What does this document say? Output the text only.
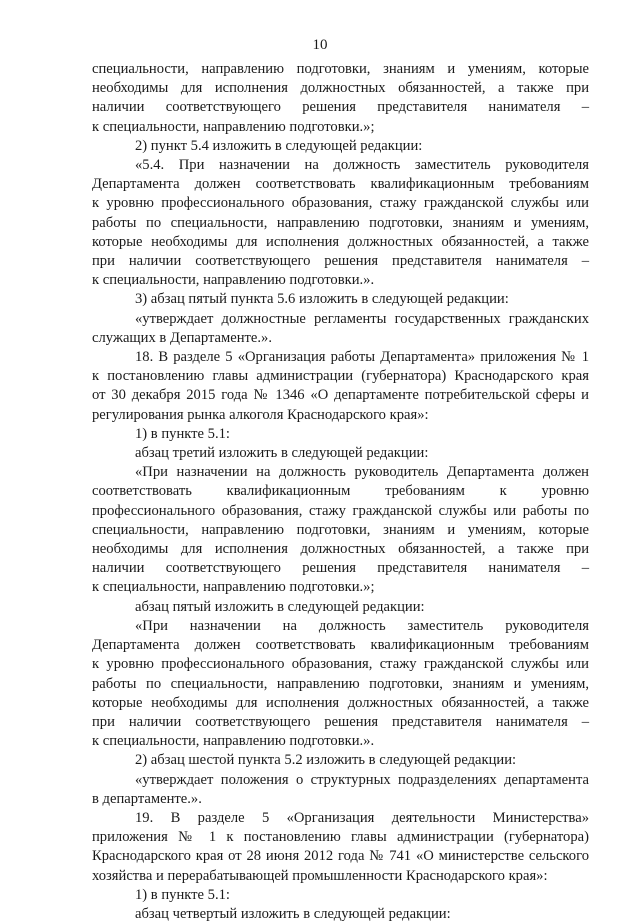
10
специальности, направлению подготовки, знаниям и умениям, которые
необходимы для исполнения должностных обязанностей, а также при
наличии соответствующего решения представителя нанимателя –
к специальности, направлению подготовки.»;
2) пункт 5.4 изложить в следующей редакции:
«5.4. При назначении на должность заместитель руководителя
Департамента должен соответствовать квалификационным требованиям
к уровню профессионального образования, стажу гражданской службы или
работы по специальности, направлению подготовки, знаниям и умениям,
которые необходимы для исполнения должностных обязанностей, а также
при наличии соответствующего решения представителя нанимателя –
к специальности, направлению подготовки.».
3) абзац пятый пункта 5.6 изложить в следующей редакции:
«утверждает должностные регламенты государственных гражданских
служащих в Департаменте.».
18. В разделе 5 «Организация работы Департамента» приложения № 1
к постановлению главы администрации (губернатора) Краснодарского края
от 30 декабря 2015 года № 1346 «О департаменте потребительской сферы и
регулирования рынка алкоголя Краснодарского края»:
1) в пункте 5.1:
абзац третий изложить в следующей редакции:
«При назначении на должность руководитель Департамента должен
соответствовать квалификационным требованиям к уровню
профессионального образования, стажу гражданской службы или работы по
специальности, направлению подготовки, знаниям и умениям, которые
необходимы для исполнения должностных обязанностей, а также при
наличии соответствующего решения представителя нанимателя –
к специальности, направлению подготовки.»;
абзац пятый изложить в следующей редакции:
«При назначении на должность заместитель руководителя
Департамента должен соответствовать квалификационным требованиям
к уровню профессионального образования, стажу гражданской службы или
работы по специальности, направлению подготовки, знаниям и умениям,
которые необходимы для исполнения должностных обязанностей, а также
при наличии соответствующего решения представителя нанимателя –
к специальности, направлению подготовки.».
2) абзац шестой пункта 5.2 изложить в следующей редакции:
«утверждает положения о структурных подразделениях департамента
в департаменте.».
19. В разделе 5 «Организация деятельности Министерства»
приложения № 1 к постановлению главы администрации (губернатора)
Краснодарского края от 28 июня 2012 года № 741 «О министерстве сельского
хозяйства и перерабатывающей промышленности Краснодарского края»:
1) в пункте 5.1:
абзац четвертый изложить в следующей редакции:
